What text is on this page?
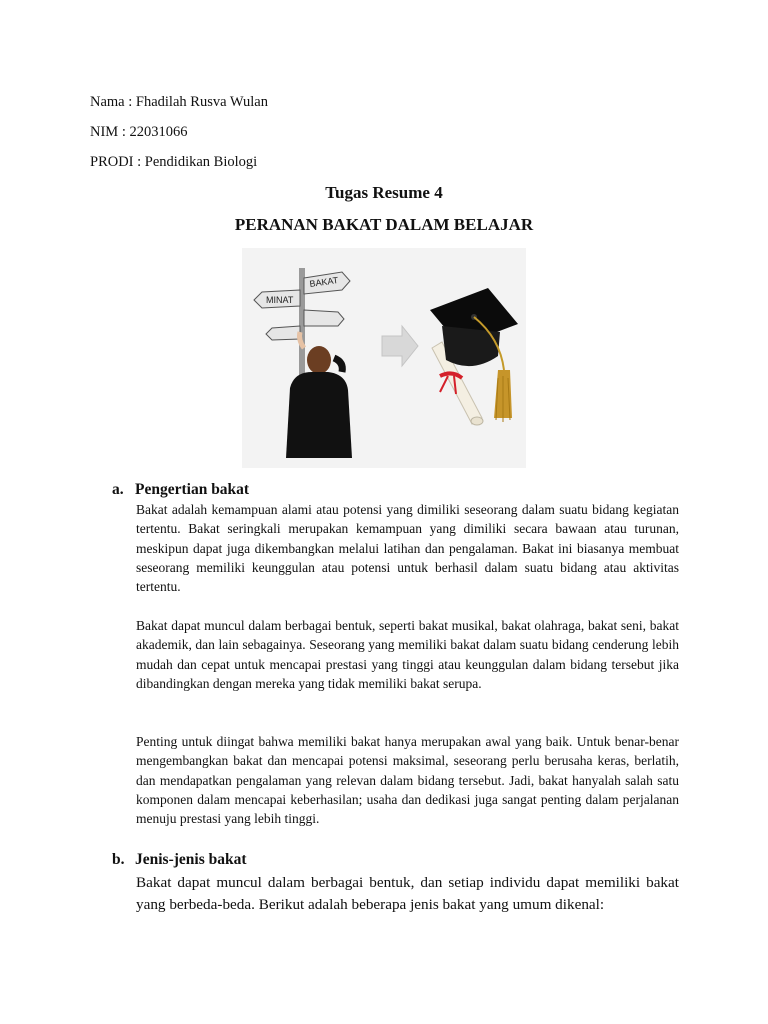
Nama : Fhadilah Rusva Wulan
NIM : 22031066
PRODI : Pendidikan Biologi
Tugas Resume 4
PERANAN BAKAT DALAM BELAJAR
BAKAT
MINAT
a. Pengertian bakat
Bakat adalah kemampuan alami atau potensi yang dimiliki seseorang dalam suatu bidang kegiatan tertentu. Bakat seringkali merupakan kemampuan yang dimiliki secara bawaan atau turunan, meskipun dapat juga dikembangkan melalui latihan dan pengalaman. Bakat ini biasanya membuat seseorang memiliki keunggulan atau potensi untuk berhasil dalam suatu bidang atau aktivitas tertentu.
Bakat dapat muncul dalam berbagai bentuk, seperti bakat musikal, bakat olahraga, bakat seni, bakat akademik, dan lain sebagainya. Seseorang yang memiliki bakat dalam suatu bidang cenderung lebih mudah dan cepat untuk mencapai prestasi yang tinggi atau keunggulan dalam bidang tersebut jika dibandingkan dengan mereka yang tidak memiliki bakat serupa.
Penting untuk diingat bahwa memiliki bakat hanya merupakan awal yang baik. Untuk benar-benar mengembangkan bakat dan mencapai potensi maksimal, seseorang perlu berusaha keras, berlatih, dan mendapatkan pengalaman yang relevan dalam bidang tersebut. Jadi, bakat hanyalah salah satu komponen dalam mencapai keberhasilan; usaha dan dedikasi juga sangat penting dalam perjalanan menuju prestasi yang lebih tinggi.
b. Jenis-jenis bakat
Bakat dapat muncul dalam berbagai bentuk, dan setiap individu dapat memiliki bakat yang berbeda-beda. Berikut adalah beberapa jenis bakat yang umum dikenal:
